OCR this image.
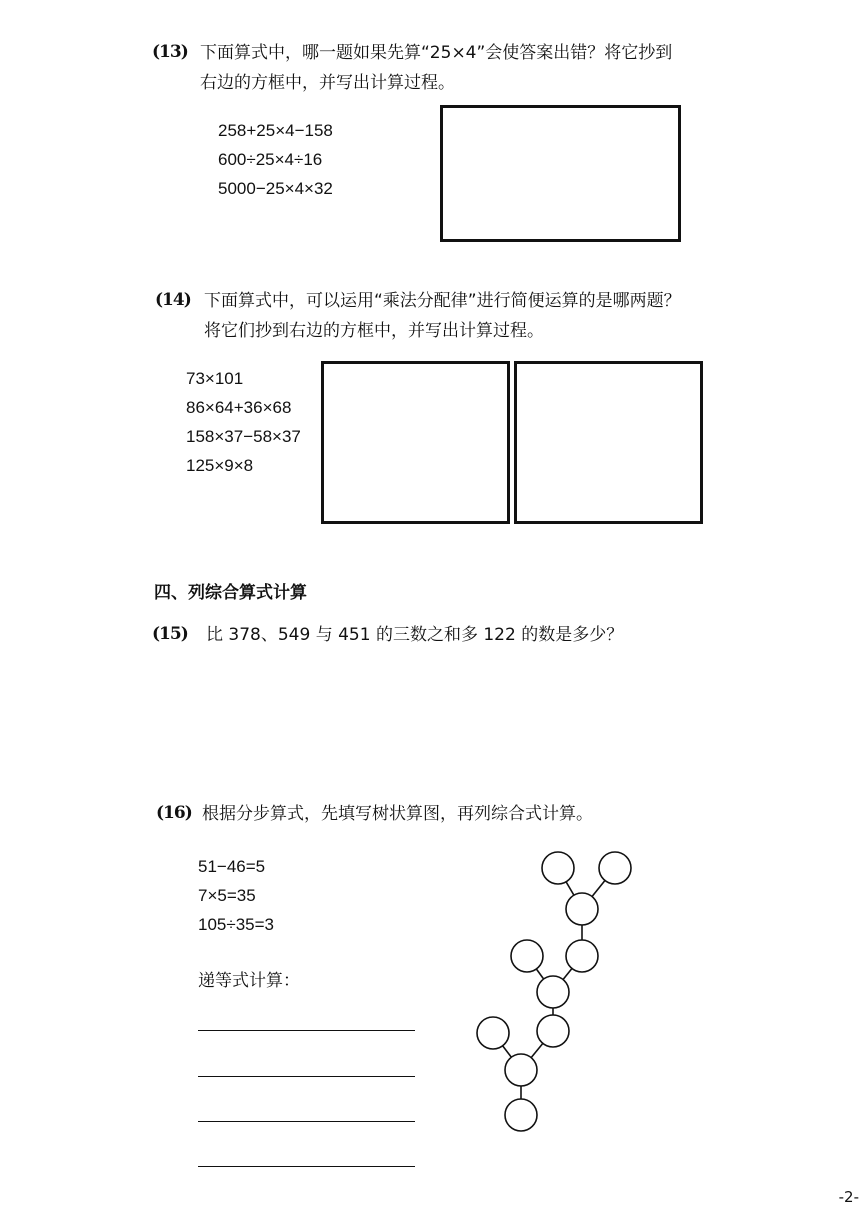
(13) 下面算式中，哪一题如果先算“25×4”会使答案出错？将它抄到
右边的方框中，并写出计算过程。
258+25×4−158
600÷25×4÷16
5000−25×4×32
(14) 下面算式中，可以运用“乘法分配律”进行简便运算的是哪两题？
将它们抄到右边的方框中，并写出计算过程。
73×101
86×64+36×68
158×37−58×37
125×9×8
四、列综合算式计算
(15) 比 378、549 与 451 的三数之和多 122 的数是多少？
(16) 根据分步算式，先填写树状算图，再列综合式计算。
51−46=5
7×5=35
105÷35=3
递等式计算：
-2-
